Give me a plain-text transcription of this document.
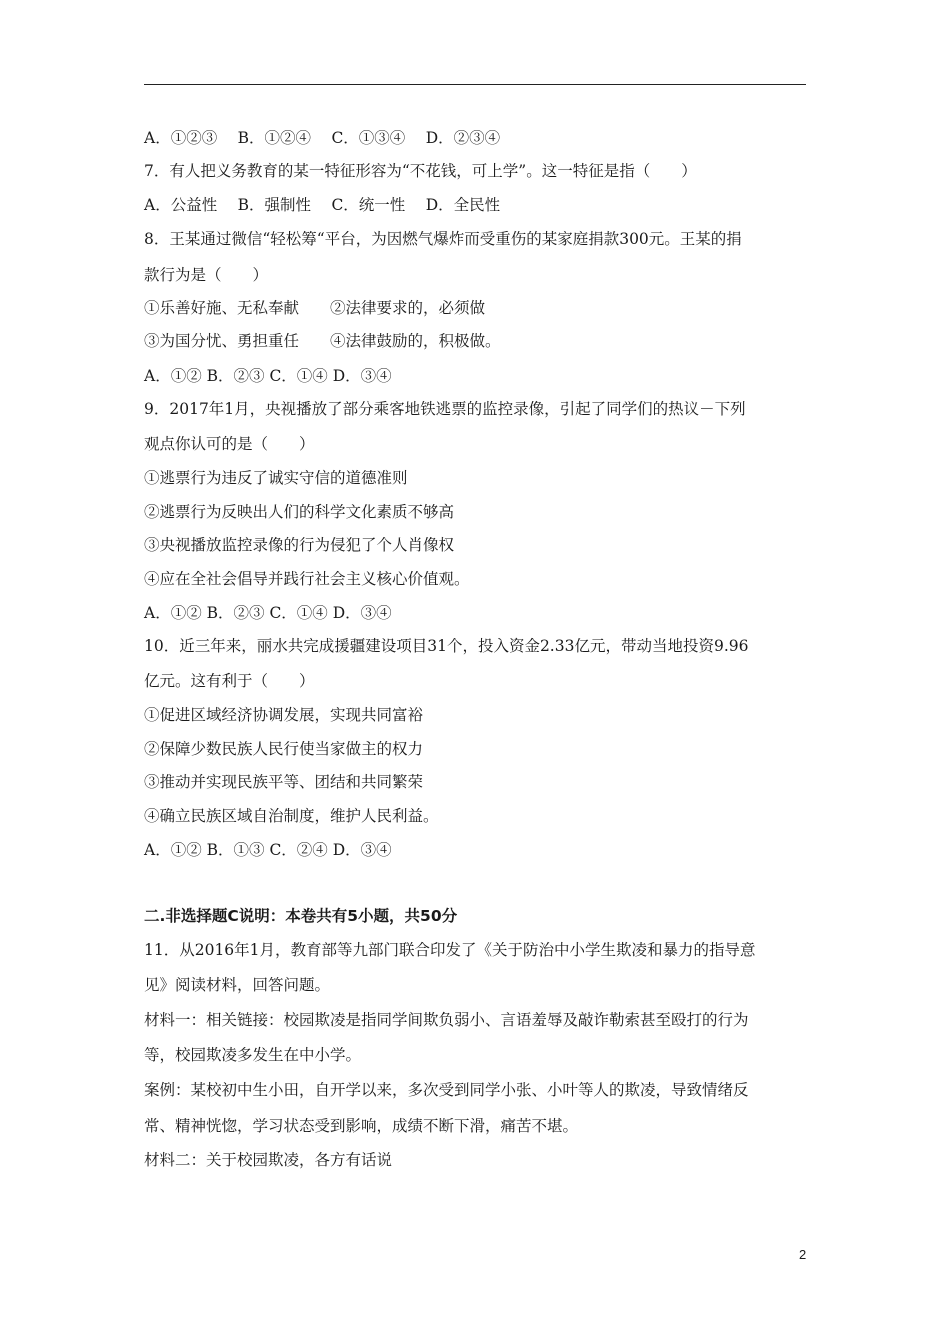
A．①②③　 B．①②④　 C．①③④　 D．②③④
7．有人把义务教育的某一特征形容为“不花钱，可上学”。这一特征是指（　　）
A．公益性　 B．强制性　 C．统一性　 D．全民性
8．王某通过微信“轻松筹“平台，为因燃气爆炸而受重伤的某家庭捐款300元。王某的捐
款行为是（　　）
①乐善好施、无私奉献　　②法律要求的，必须做
③为国分忧、勇担重任　　④法律鼓励的，积极做。
A．①② B．②③ C．①④ D．③④
9．2017年1月，央视播放了部分乘客地铁逃票的监控录像，引起了同学们的热议－下列
观点你认可的是（　　）
①逃票行为违反了诚实守信的道德准则
②逃票行为反映出人们的科学文化素质不够高
③央视播放监控录像的行为侵犯了个人肖像权
④应在全社会倡导并践行社会主义核心价值观。
A．①② B．②③ C．①④ D．③④
10．近三年来，丽水共完成援疆建设项目31个，投入资金2.33亿元，带动当地投资9.96
亿元。这有利于（　　）
①促进区域经济协调发展，实现共同富裕
②保障少数民族人民行使当家做主的权力
③推动并实现民族平等、团结和共同繁荣
④确立民族区域自治制度，维护人民利益。
A．①② B．①③ C．②④ D．③④
二.非选择题C说明：本卷共有5小题，共50分
11．从2016年1月，教育部等九部门联合印发了《关于防治中小学生欺凌和暴力的指导意
见》阅读材料，回答问题。
材料一：相关链接：校园欺凌是指同学间欺负弱小、言语羞辱及敲诈勒索甚至殴打的行为
等，校园欺凌多发生在中小学。
案例：某校初中生小田，自开学以来，多次受到同学小张、小叶等人的欺凌，导致情绪反
常、精神恍惚，学习状态受到影响，成绩不断下滑，痛苦不堪。
材料二：关于校园欺凌，各方有话说
2
